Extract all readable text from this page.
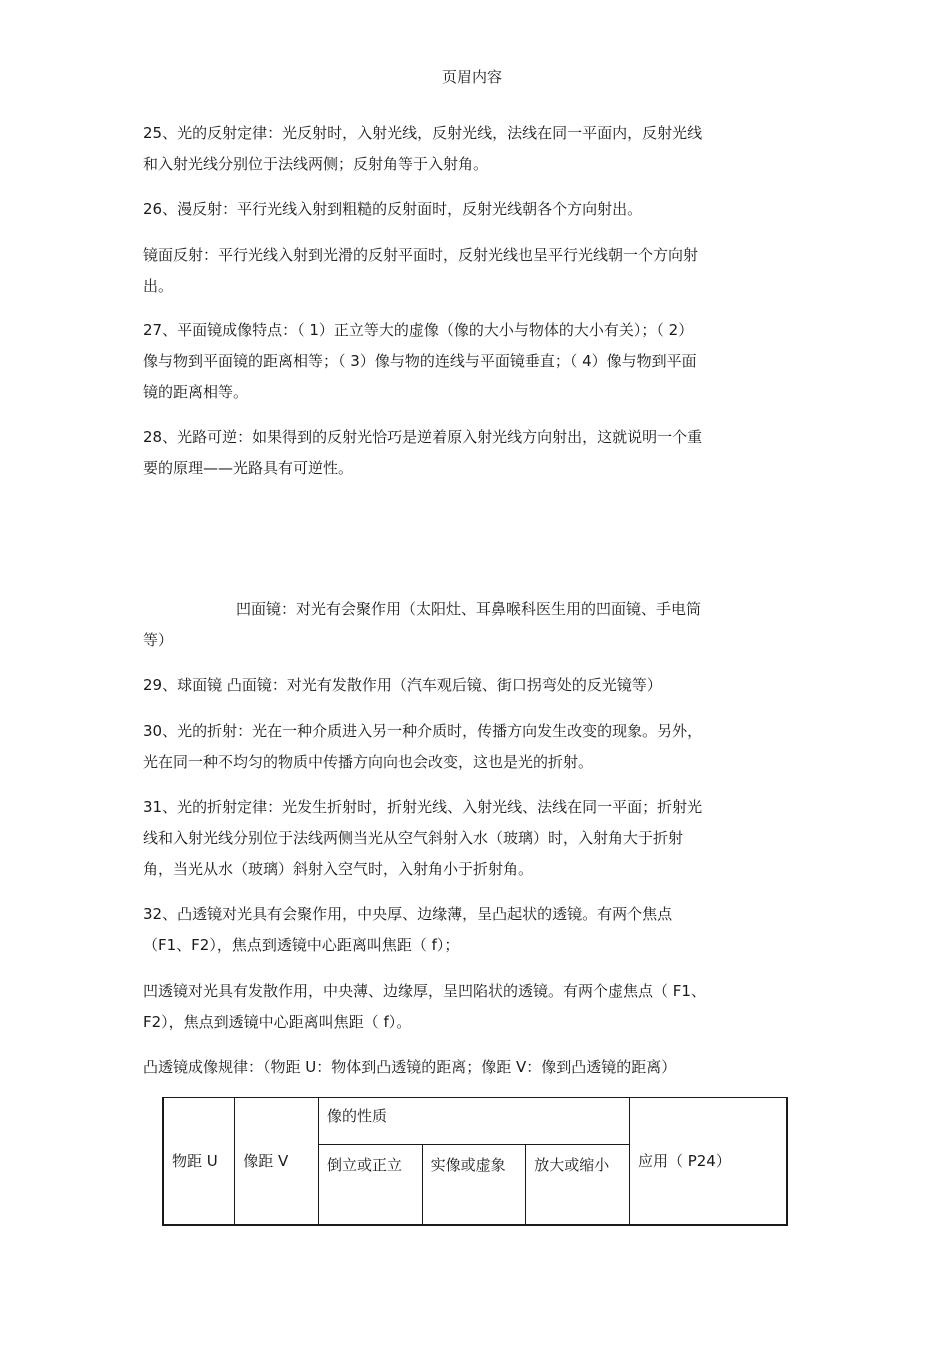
页眉内容
25、光的反射定律：光反射时，入射光线，反射光线，法线在同一平面内，反射光线
和入射光线分别位于法线两侧；反射角等于入射角。
26、漫反射：平行光线入射到粗糙的反射面时，反射光线朝各个方向射出。
镜面反射：平行光线入射到光滑的反射平面时，反射光线也呈平行光线朝一个方向射
出。
27、平面镜成像特点：（ 1）正立等大的虚像（像的大小与物体的大小有关）；（ 2）
像与物到平面镜的距离相等；（ 3）像与物的连线与平面镜垂直；（ 4）像与物到平面
镜的距离相等。
28、光路可逆：如果得到的反射光恰巧是逆着原入射光线方向射出，这就说明一个重
要的原理——光路具有可逆性。
凹面镜：对光有会聚作用（太阳灶、耳鼻喉科医生用的凹面镜、手电筒
等）
29、球面镜 凸面镜：对光有发散作用（汽车观后镜、街口拐弯处的反光镜等）
30、光的折射：光在一种介质进入另一种介质时，传播方向发生改变的现象。另外，
光在同一种不均匀的物质中传播方向向也会改变，这也是光的折射。
31、光的折射定律：光发生折射时，折射光线、入射光线、法线在同一平面；折射光
线和入射光线分别位于法线两侧当光从空气斜射入水（玻璃）时，入射角大于折射
角，当光从水（玻璃）斜射入空气时，入射角小于折射角。
32、凸透镜对光具有会聚作用，中央厚、边缘薄，呈凸起状的透镜。有两个焦点
（F1、F2），焦点到透镜中心距离叫焦距（ f）；
凹透镜对光具有发散作用，中央薄、边缘厚，呈凹陷状的透镜。有两个虚焦点（ F1、
F2），焦点到透镜中心距离叫焦距（ f）。
凸透镜成像规律：（物距 U：物体到凸透镜的距离；像距 V：像到凸透镜的距离）
物距 U	像距 V	像的性质			应用（ P24）
		倒立或正立	实像或虚象	放大或缩小	
